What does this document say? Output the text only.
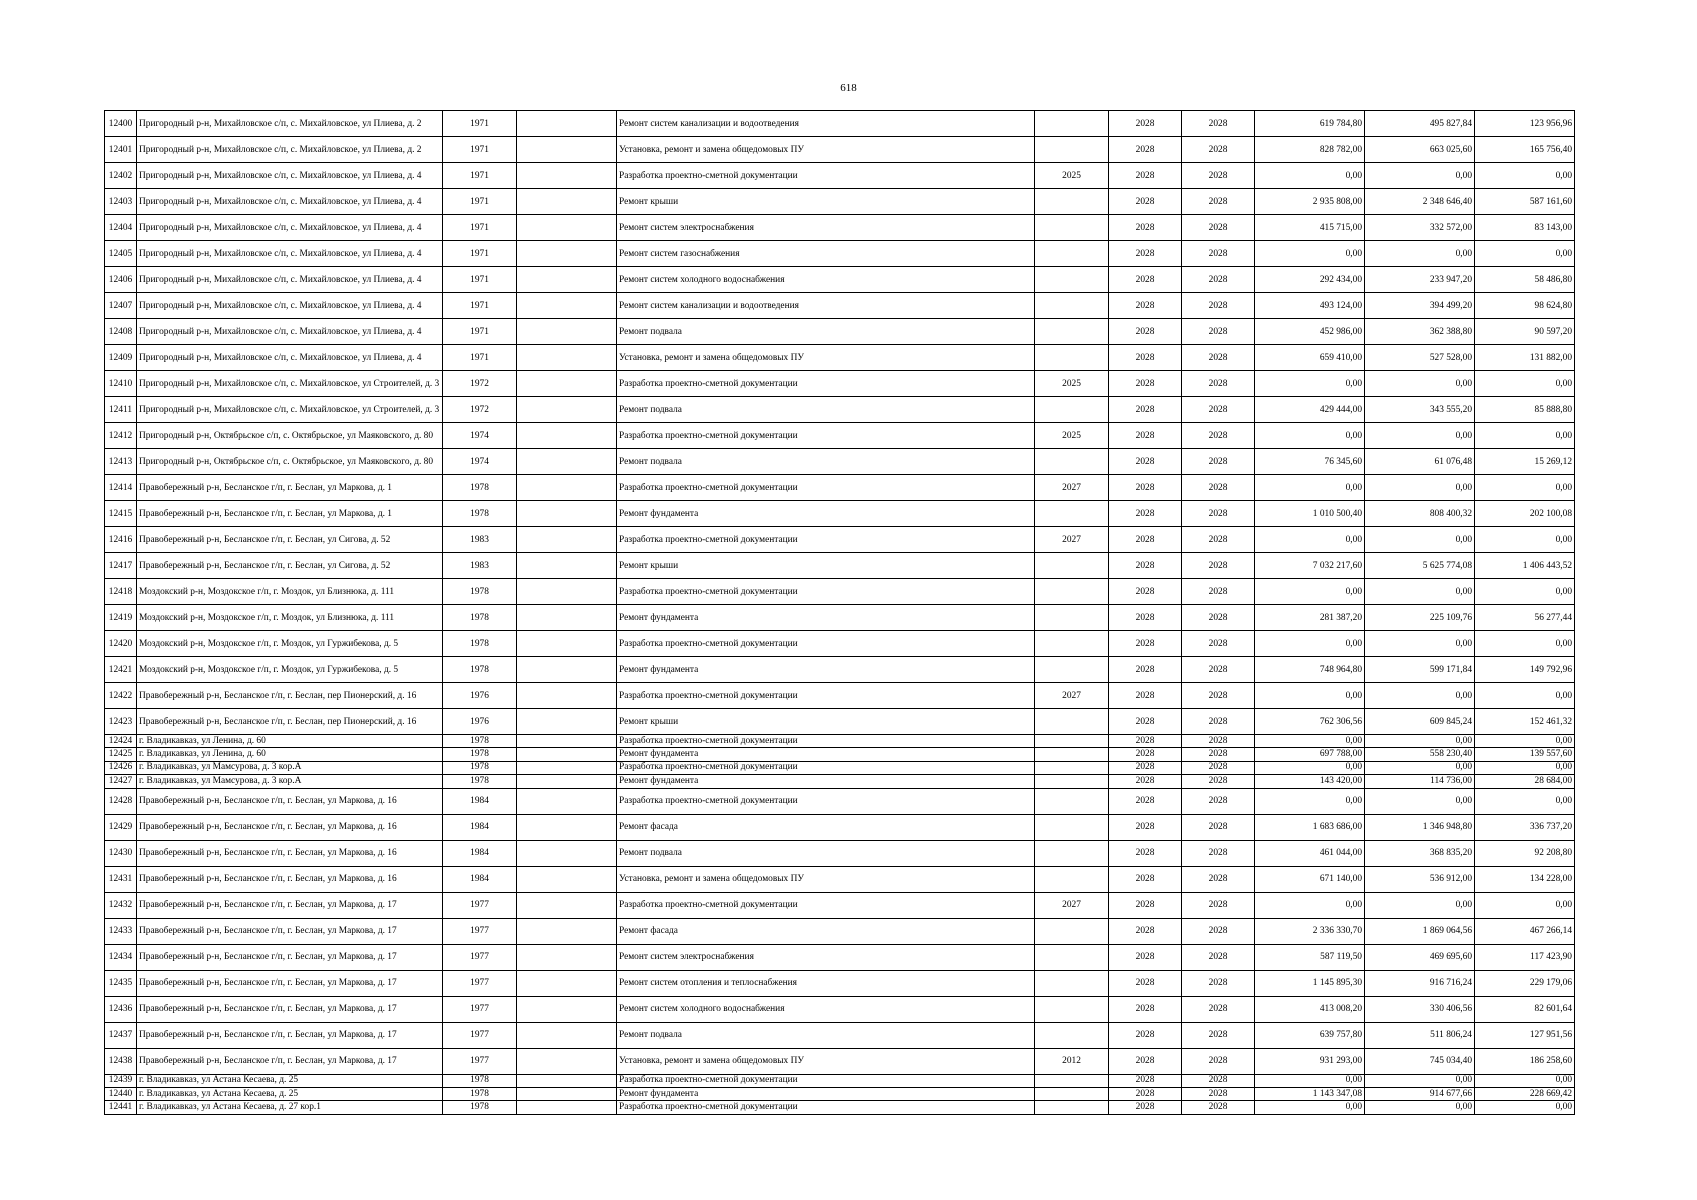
618
12400	Пригородный р-н, Михайловское с/п, с. Михайловское, ул Плиева, д. 2	1971		Ремонт систем канализации и водоотведения		2028	2028	619 784,80	495 827,84	123 956,96
12401	Пригородный р-н, Михайловское с/п, с. Михайловское, ул Плиева, д. 2	1971		Установка, ремонт и замена общедомовых ПУ		2028	2028	828 782,00	663 025,60	165 756,40
12402	Пригородный р-н, Михайловское с/п, с. Михайловское, ул Плиева, д. 4	1971		Разработка проектно-сметной документации	2025	2028	2028	0,00	0,00	0,00
12403	Пригородный р-н, Михайловское с/п, с. Михайловское, ул Плиева, д. 4	1971		Ремонт крыши		2028	2028	2 935 808,00	2 348 646,40	587 161,60
12404	Пригородный р-н, Михайловское с/п, с. Михайловское, ул Плиева, д. 4	1971		Ремонт систем электроснабжения		2028	2028	415 715,00	332 572,00	83 143,00
12405	Пригородный р-н, Михайловское с/п, с. Михайловское, ул Плиева, д. 4	1971		Ремонт систем газоснабжения		2028	2028	0,00	0,00	0,00
12406	Пригородный р-н, Михайловское с/п, с. Михайловское, ул Плиева, д. 4	1971		Ремонт систем холодного водоснабжения		2028	2028	292 434,00	233 947,20	58 486,80
12407	Пригородный р-н, Михайловское с/п, с. Михайловское, ул Плиева, д. 4	1971		Ремонт систем канализации и водоотведения		2028	2028	493 124,00	394 499,20	98 624,80
12408	Пригородный р-н, Михайловское с/п, с. Михайловское, ул Плиева, д. 4	1971		Ремонт подвала		2028	2028	452 986,00	362 388,80	90 597,20
12409	Пригородный р-н, Михайловское с/п, с. Михайловское, ул Плиева, д. 4	1971		Установка, ремонт и замена общедомовых ПУ		2028	2028	659 410,00	527 528,00	131 882,00
12410	Пригородный р-н, Михайловское с/п, с. Михайловское, ул Строителей, д. 3	1972		Разработка проектно-сметной документации	2025	2028	2028	0,00	0,00	0,00
12411	Пригородный р-н, Михайловское с/п, с. Михайловское, ул Строителей, д. 3	1972		Ремонт подвала		2028	2028	429 444,00	343 555,20	85 888,80
12412	Пригородный р-н, Октябрьское с/п, с. Октябрьское, ул Маяковского, д. 80	1974		Разработка проектно-сметной документации	2025	2028	2028	0,00	0,00	0,00
12413	Пригородный р-н, Октябрьское с/п, с. Октябрьское, ул Маяковского, д. 80	1974		Ремонт подвала		2028	2028	76 345,60	61 076,48	15 269,12
12414	Правобережный р-н, Бесланское г/п, г. Беслан, ул Маркова, д. 1	1978		Разработка проектно-сметной документации	2027	2028	2028	0,00	0,00	0,00
12415	Правобережный р-н, Бесланское г/п, г. Беслан, ул Маркова, д. 1	1978		Ремонт фундамента		2028	2028	1 010 500,40	808 400,32	202 100,08
12416	Правобережный р-н, Бесланское г/п, г. Беслан, ул Сигова, д. 52	1983		Разработка проектно-сметной документации	2027	2028	2028	0,00	0,00	0,00
12417	Правобережный р-н, Бесланское г/п, г. Беслан, ул Сигова, д. 52	1983		Ремонт крыши		2028	2028	7 032 217,60	5 625 774,08	1 406 443,52
12418	Моздокский р-н, Моздокское г/п, г. Моздок, ул Близнюка, д. 111	1978		Разработка проектно-сметной документации		2028	2028	0,00	0,00	0,00
12419	Моздокский р-н, Моздокское г/п, г. Моздок, ул Близнюка, д. 111	1978		Ремонт фундамента		2028	2028	281 387,20	225 109,76	56 277,44
12420	Моздокский р-н, Моздокское г/п, г. Моздок, ул Гуржибекова, д. 5	1978		Разработка проектно-сметной документации		2028	2028	0,00	0,00	0,00
12421	Моздокский р-н, Моздокское г/п, г. Моздок, ул Гуржибекова, д. 5	1978		Ремонт фундамента		2028	2028	748 964,80	599 171,84	149 792,96
12422	Правобережный р-н, Бесланское г/п, г. Беслан, пер Пионерский, д. 16	1976		Разработка проектно-сметной документации	2027	2028	2028	0,00	0,00	0,00
12423	Правобережный р-н, Бесланское г/п, г. Беслан, пер Пионерский, д. 16	1976		Ремонт крыши		2028	2028	762 306,56	609 845,24	152 461,32
12424	г. Владикавказ, ул Ленина, д. 60	1978		Разработка проектно-сметной документации		2028	2028	0,00	0,00	0,00
12425	г. Владикавказ, ул Ленина, д. 60	1978		Ремонт фундамента		2028	2028	697 788,00	558 230,40	139 557,60
12426	г. Владикавказ, ул Мамсурова, д. 3 кор.А	1978		Разработка проектно-сметной документации		2028	2028	0,00	0,00	0,00
12427	г. Владикавказ, ул Мамсурова, д. 3 кор.А	1978		Ремонт фундамента		2028	2028	143 420,00	114 736,00	28 684,00
12428	Правобережный р-н, Бесланское г/п, г. Беслан, ул Маркова, д. 16	1984		Разработка проектно-сметной документации		2028	2028	0,00	0,00	0,00
12429	Правобережный р-н, Бесланское г/п, г. Беслан, ул Маркова, д. 16	1984		Ремонт фасада		2028	2028	1 683 686,00	1 346 948,80	336 737,20
12430	Правобережный р-н, Бесланское г/п, г. Беслан, ул Маркова, д. 16	1984		Ремонт подвала		2028	2028	461 044,00	368 835,20	92 208,80
12431	Правобережный р-н, Бесланское г/п, г. Беслан, ул Маркова, д. 16	1984		Установка, ремонт и замена общедомовых ПУ		2028	2028	671 140,00	536 912,00	134 228,00
12432	Правобережный р-н, Бесланское г/п, г. Беслан, ул Маркова, д. 17	1977		Разработка проектно-сметной документации	2027	2028	2028	0,00	0,00	0,00
12433	Правобережный р-н, Бесланское г/п, г. Беслан, ул Маркова, д. 17	1977		Ремонт фасада		2028	2028	2 336 330,70	1 869 064,56	467 266,14
12434	Правобережный р-н, Бесланское г/п, г. Беслан, ул Маркова, д. 17	1977		Ремонт систем электроснабжения		2028	2028	587 119,50	469 695,60	117 423,90
12435	Правобережный р-н, Бесланское г/п, г. Беслан, ул Маркова, д. 17	1977		Ремонт систем отопления и теплоснабжения		2028	2028	1 145 895,30	916 716,24	229 179,06
12436	Правобережный р-н, Бесланское г/п, г. Беслан, ул Маркова, д. 17	1977		Ремонт систем холодного водоснабжения		2028	2028	413 008,20	330 406,56	82 601,64
12437	Правобережный р-н, Бесланское г/п, г. Беслан, ул Маркова, д. 17	1977		Ремонт подвала		2028	2028	639 757,80	511 806,24	127 951,56
12438	Правобережный р-н, Бесланское г/п, г. Беслан, ул Маркова, д. 17	1977		Установка, ремонт и замена общедомовых ПУ	2012	2028	2028	931 293,00	745 034,40	186 258,60
12439	г. Владикавказ, ул Астана Кесаева, д. 25	1978		Разработка проектно-сметной документации		2028	2028	0,00	0,00	0,00
12440	г. Владикавказ, ул Астана Кесаева, д. 25	1978		Ремонт фундамента		2028	2028	1 143 347,08	914 677,66	228 669,42
12441	г. Владикавказ, ул Астана Кесаева, д. 27 кор.1	1978		Разработка проектно-сметной документации		2028	2028	0,00	0,00	0,00
